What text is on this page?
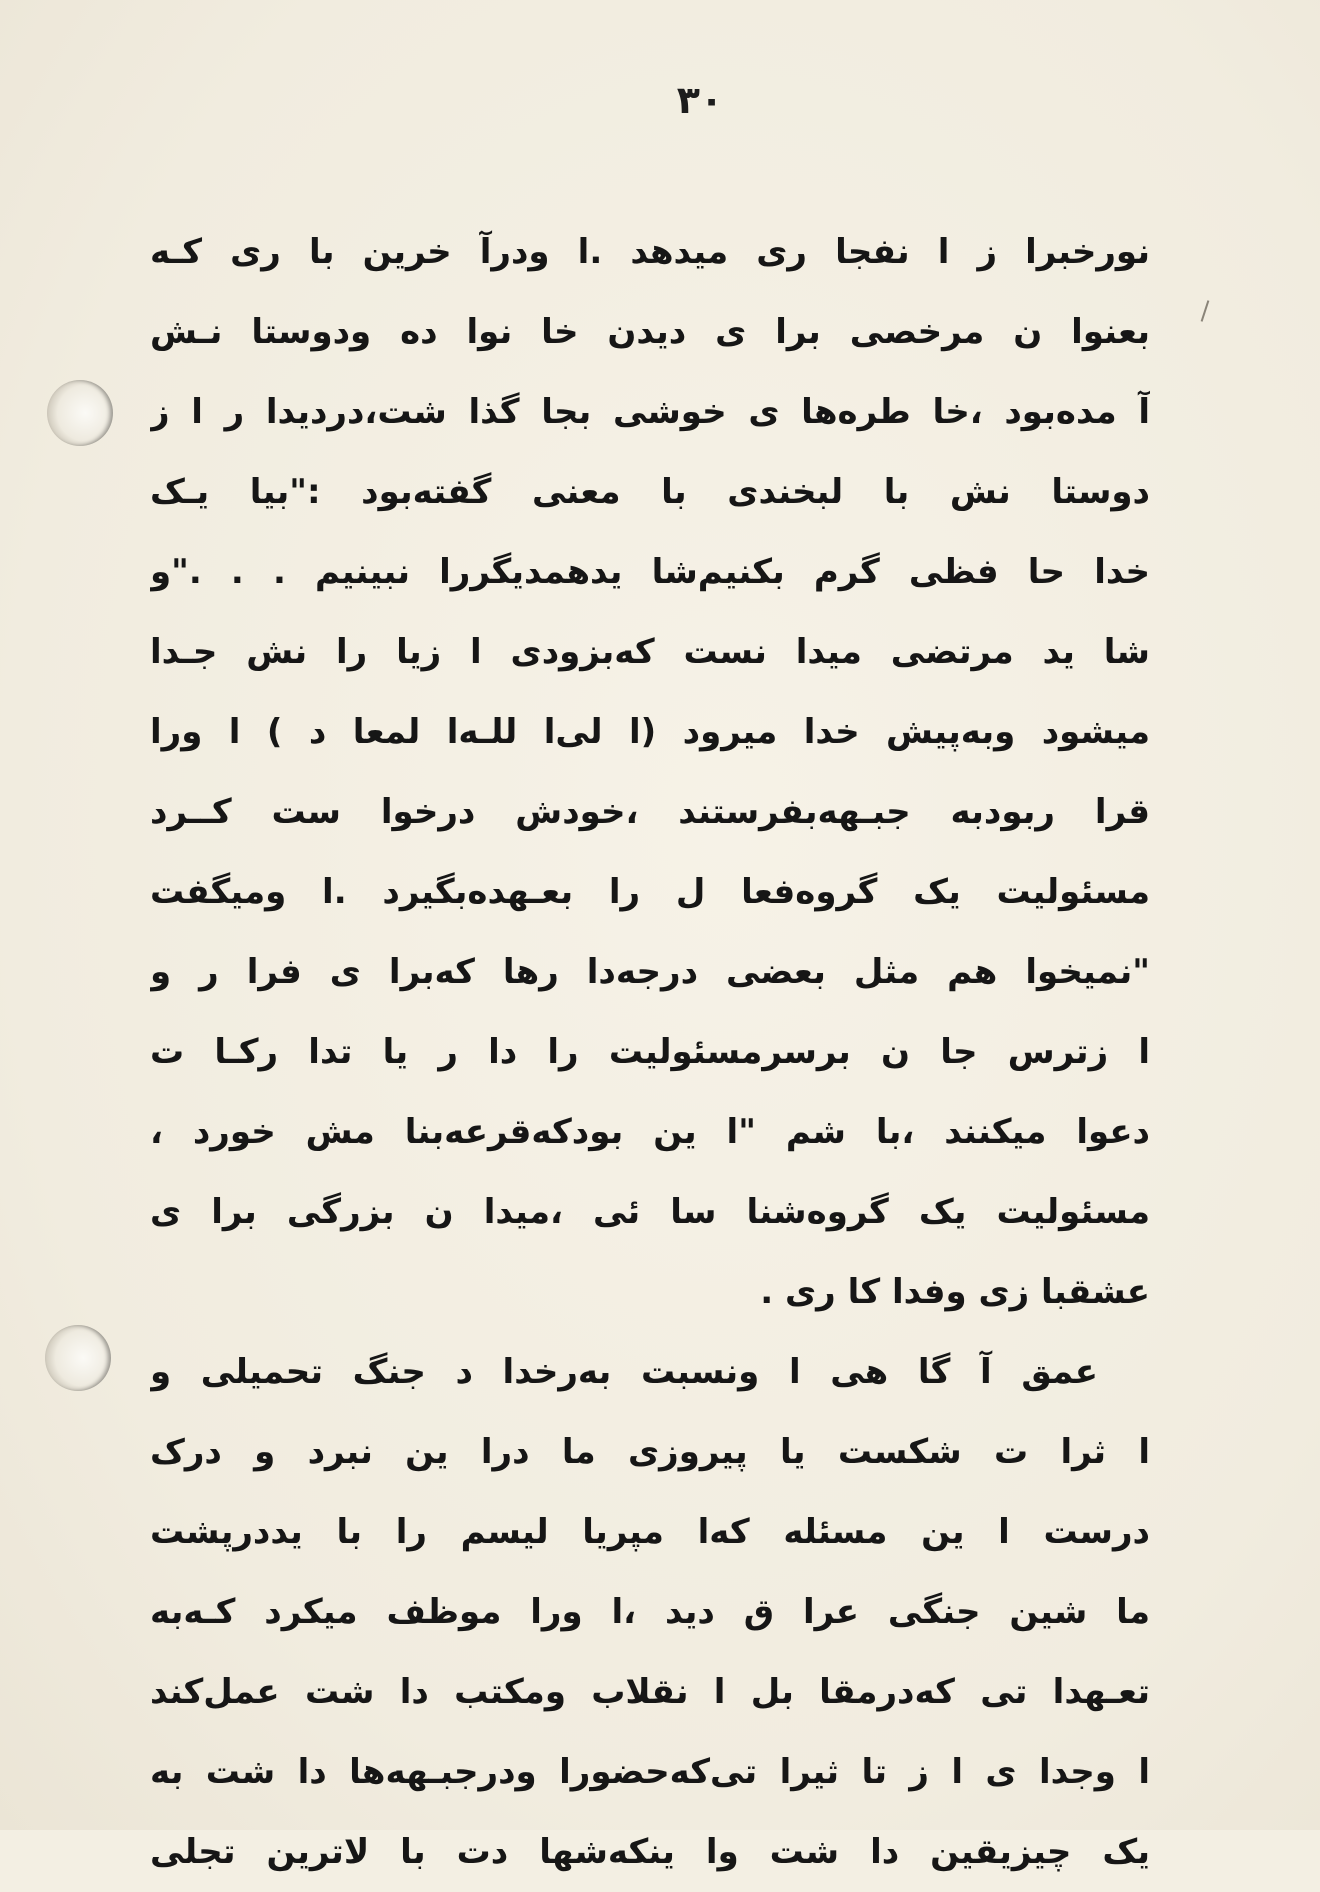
۳۰
نو‌ر‌خبر‌ا ز ا نفجا ر‌ی میدهد .ا و‌در‌آ خرین با ر‌ی کـه
بعنو‌ا ن مر‌خصی بر‌ا ی دیدن خا نو‌ا ده و‌دو‌ستا نـش
آ مده‌بو‌د ،خا طر‌ه‌ها ی خو‌شی بجا گذا شت،در‌دیدا ر ا ز
دو‌ستا نش با لبخندی با معنی گفته‌بو‌د :"بیا یـک
خدا حا فظی گر‌م بکنیم‌شا یدهمدیگر‌ر‌ا نبینیم . . ."و‌
شا ید مر‌تضی میدا نست که‌بز‌و‌دی ا ز‌یا ر‌ا نش جـدا
میشو‌د و‌به‌پیش خدا میر‌و‌د (ا لی‌ا للـه‌ا لمعا د ) ا و‌ر‌ا
قر‌ا ر‌بو‌د‌به جبـهه‌بفر‌ستند ،خو‌دش در‌خو‌ا ست کــر‌د
مسئو‌لیت یک گر‌و‌ه‌فعا ل ر‌ا بعـهده‌بگیر‌د .ا و‌میگفت
"نمیخو‌ا هم مثل بعضی در‌جه‌دا ر‌ها که‌بر‌ا ی فر‌ا ر و‌
ا ز‌تر‌س جا ن بر‌سر‌مسئو‌لیت ر‌ا دا ر یا تدا ر‌کـا ت
دعو‌ا میکنند ،با شم "ا ین بو‌د‌که‌قر‌عه‌بنا مش خو‌ر‌د ،
مسئو‌لیت یک گر‌و‌ه‌شنا سا ئی ،میدا ن بز‌ر‌گی بر‌ا ی
عشقبا ز‌ی و‌فدا کا ر‌ی .
عمق آ گا هی ا و‌نسبت به‌ر‌خدا د جنگ تحمیلی و‌
ا ثر‌ا ت شکست یا پیر‌و‌ز‌ی ما در‌ا ین نبر‌د و‌ در‌ک
در‌ست ا ین مسئله که‌ا مپر‌یا لیسم ر‌ا با ید‌در‌پشت
ما شین جنگی عر‌ا ق دید ،ا و‌ر‌ا مو‌ظف میکر‌د کـه‌به
تعـهدا تی که‌در‌مقا بل ا نقلاب و‌مکتب دا شت عمل‌کند
ا و‌جدا ی ا ز تا ثیر‌ا تی‌که‌حضو‌ر‌ا و‌در‌جبـهه‌ها دا شت به
یک چیز‌یقین دا شت و‌ا ینکه‌شها دت با لا‌تر‌ین تجلی
